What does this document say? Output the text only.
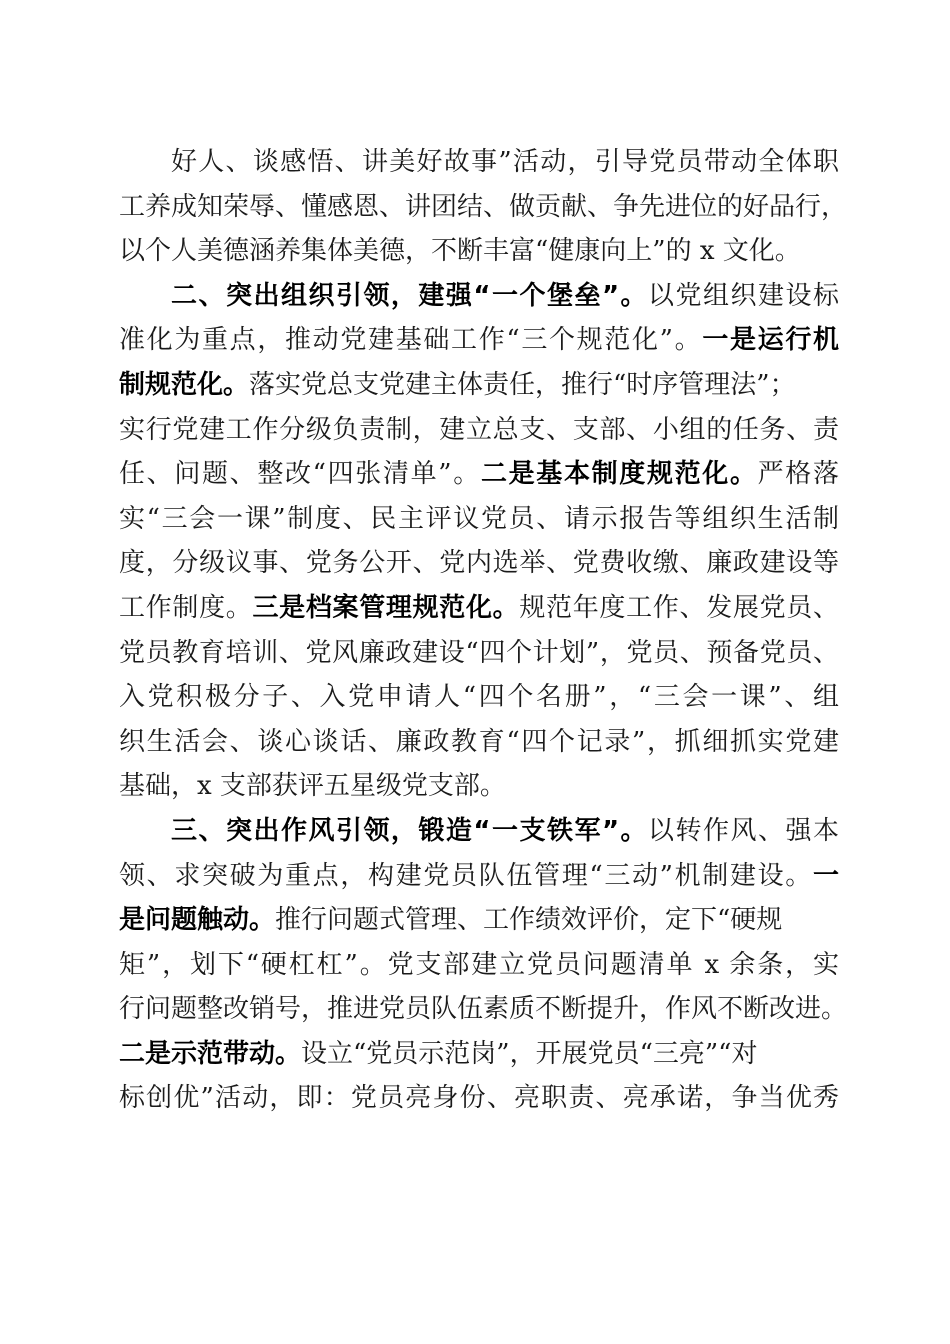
好人、谈感悟、讲美好故事”活动，引导党员带动全体职
工养成知荣辱、懂感恩、讲团结、做贡献、争先进位的好品行，
以个人美德涵养集体美德，不断丰富“健康向上”的 x 文化。
二、突出组织引领，建强“一个堡垒”。以党组织建设标
准化为重点，推动党建基础工作“三个规范化”。一是运行机
制规范化。落实党总支党建主体责任，推行“时序管理法”；
实行党建工作分级负责制，建立总支、支部、小组的任务、责
任、问题、整改“四张清单”。二是基本制度规范化。严格落
实“三会一课”制度、民主评议党员、请示报告等组织生活制
度，分级议事、党务公开、党内选举、党费收缴、廉政建设等
工作制度。三是档案管理规范化。规范年度工作、发展党员、
党员教育培训、党风廉政建设“四个计划”，党员、预备党员、
入党积极分子、入党申请人“四个名册”，“三会一课”、组
织生活会、谈心谈话、廉政教育“四个记录”，抓细抓实党建
基础，x 支部获评五星级党支部。
三、突出作风引领，锻造“一支铁军”。以转作风、强本
领、求突破为重点，构建党员队伍管理“三动”机制建设。一
是问题触动。推行问题式管理、工作绩效评价，定下“硬规
矩”，划下“硬杠杠”。党支部建立党员问题清单 x 余条，实
行问题整改销号，推进党员队伍素质不断提升，作风不断改进。
二是示范带动。设立“党员示范岗”，开展党员“三亮”“对
标创优”活动，即：党员亮身份、亮职责、亮承诺，争当优秀
